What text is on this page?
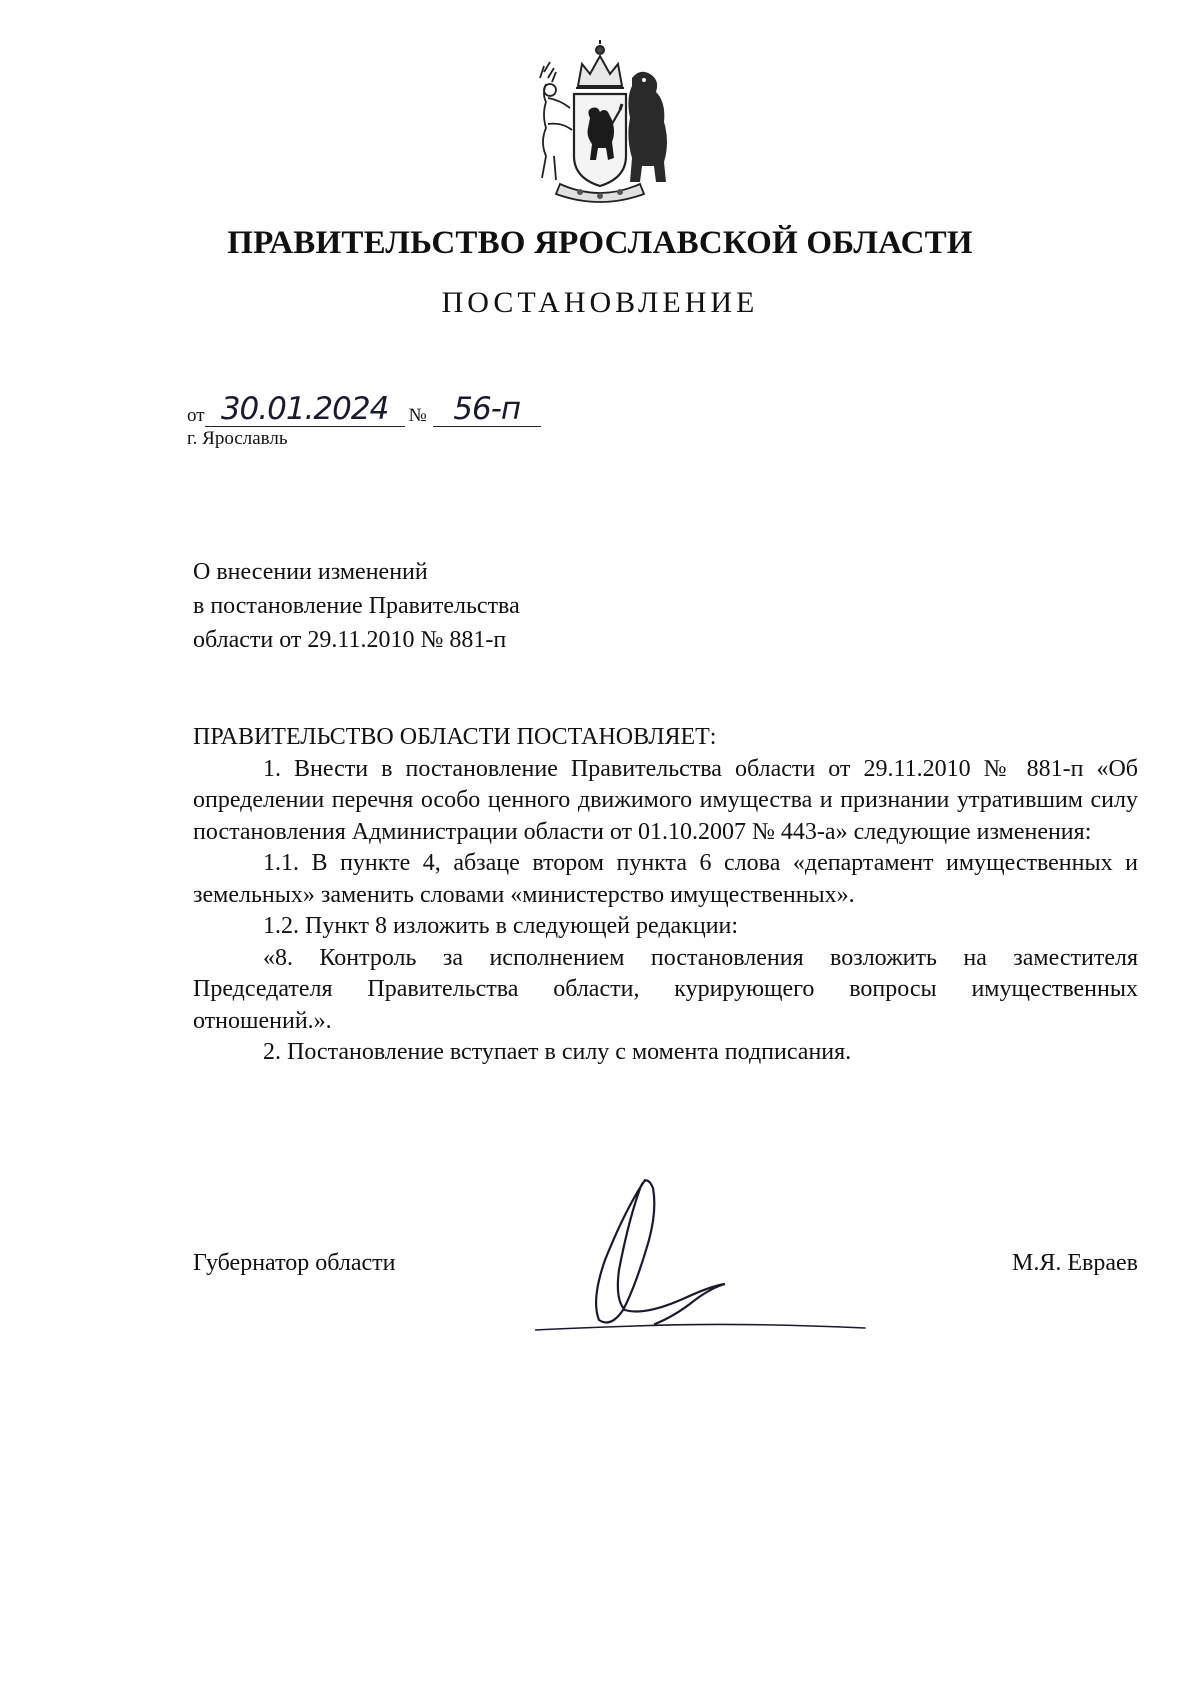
ПРАВИТЕЛЬСТВО ЯРОСЛАВСКОЙ ОБЛАСТИ
ПОСТАНОВЛЕНИЕ
от 30.01.2024 № 56-п
г. Ярославль
О внесении изменений
в постановление Правительства
области от 29.11.2010 № 881-п
ПРАВИТЕЛЬСТВО ОБЛАСТИ ПОСТАНОВЛЯЕТ:

1. Внести в постановление Правительства области от 29.11.2010 № 881-п «Об определении перечня особо ценного движимого имущества и признании утратившим силу постановления Администрации области от 01.10.2007 № 443-а» следующие изменения:

1.1. В пункте 4, абзаце втором пункта 6 слова «департамент имущественных и земельных» заменить словами «министерство имущественных».

1.2. Пункт 8 изложить в следующей редакции:

«8. Контроль за исполнением постановления возложить на заместителя Председателя Правительства области, курирующего вопросы имущественных отношений.».

2. Постановление вступает в силу с момента подписания.

Губернатор области	М.Я. Евраев
